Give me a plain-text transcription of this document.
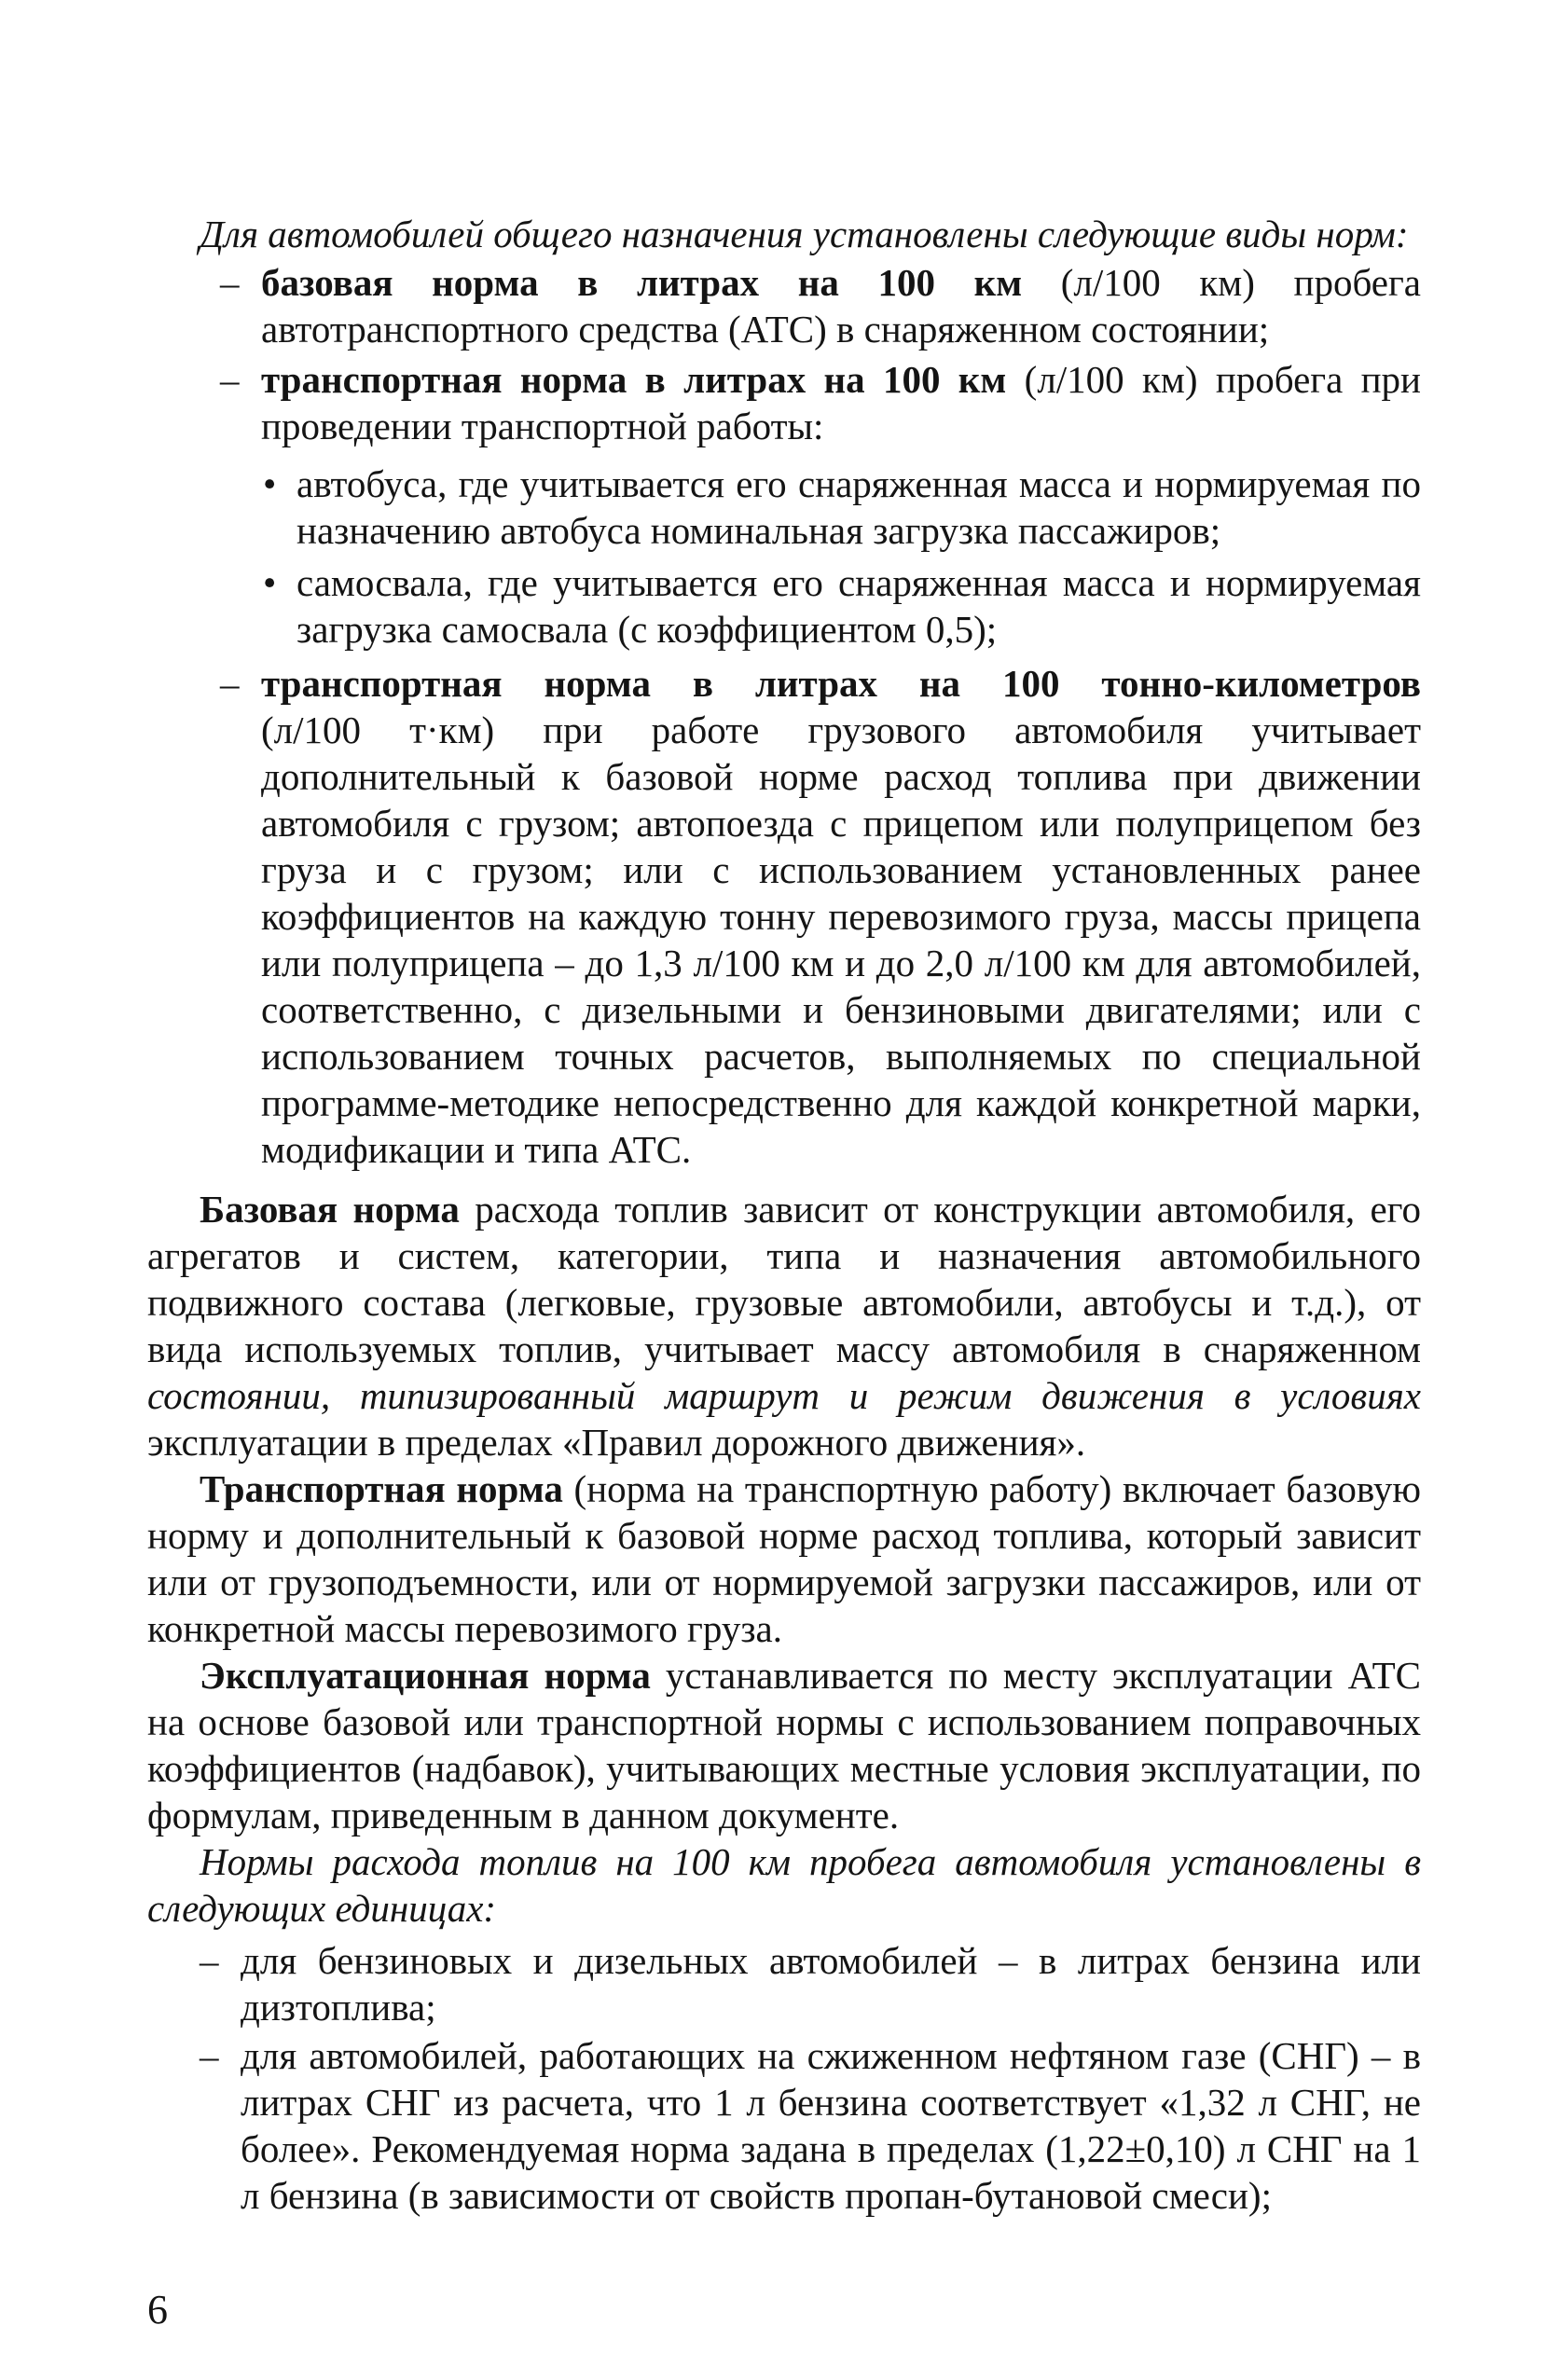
Для автомобилей общего назначения установлены следующие виды норм:
– базовая норма в литрах на 100 км (л/100 км) пробега автотранспортного средства (АТС) в снаряженном состоянии;
– транспортная норма в литрах на 100 км (л/100 км) пробега при проведении транспортной работы:
• автобуса, где учитывается его снаряженная масса и нормируемая по назначению автобуса номинальная загрузка пассажиров;
• самосвала, где учитывается его снаряженная масса и нормируемая загрузка самосвала (с коэффициентом 0,5);
– транспортная норма в литрах на 100 тонно-километров
(л/100 т·км) при работе грузового автомобиля учитывает дополнительный к базовой норме расход топлива при движении автомобиля с грузом; автопоезда с прицепом или полуприцепом без груза и с грузом; или с использованием установленных ранее коэффициентов на каждую тонну перевозимого груза, массы прицепа или полуприцепа – до 1,3 л/100 км и до 2,0 л/100 км для автомобилей, соответственно, с дизельными и бензиновыми двигателями; или с использованием точных расчетов, выполняемых по специальной программе-методике непосредственно для каждой конкретной марки, модификации и типа АТС.
Базовая норма расхода топлив зависит от конструкции автомобиля, его агрегатов и систем, категории, типа и назначения автомобильного подвижного состава (легковые, грузовые автомобили, автобусы и т.д.), от вида используемых топлив, учитывает массу автомобиля в снаряженном состоянии, типизированный маршрут и режим движения в условиях эксплуатации в пределах «Правил дорожного движения».
Транспортная норма (норма на транспортную работу) включает базовую норму и дополнительный к базовой норме расход топлива, который зависит или от грузоподъемности, или от нормируемой загрузки пассажиров, или от конкретной массы перевозимого груза.
Эксплуатационная норма устанавливается по месту эксплуатации АТС на основе базовой или транспортной нормы с использованием поправочных коэффициентов (надбавок), учитывающих местные условия эксплуатации, по формулам, приведенным в данном документе.
Нормы расхода топлив на 100 км пробега автомобиля установлены в следующих единицах:
– для бензиновых и дизельных автомобилей – в литрах бензина или дизтоплива;
– для автомобилей, работающих на сжиженном нефтяном газе (СНГ) – в литрах СНГ из расчета, что 1 л бензина соответствует «1,32 л СНГ, не более». Рекомендуемая норма задана в пределах (1,22±0,10) л СНГ на 1 л бензина (в зависимости от свойств пропан-бутановой смеси);
6
